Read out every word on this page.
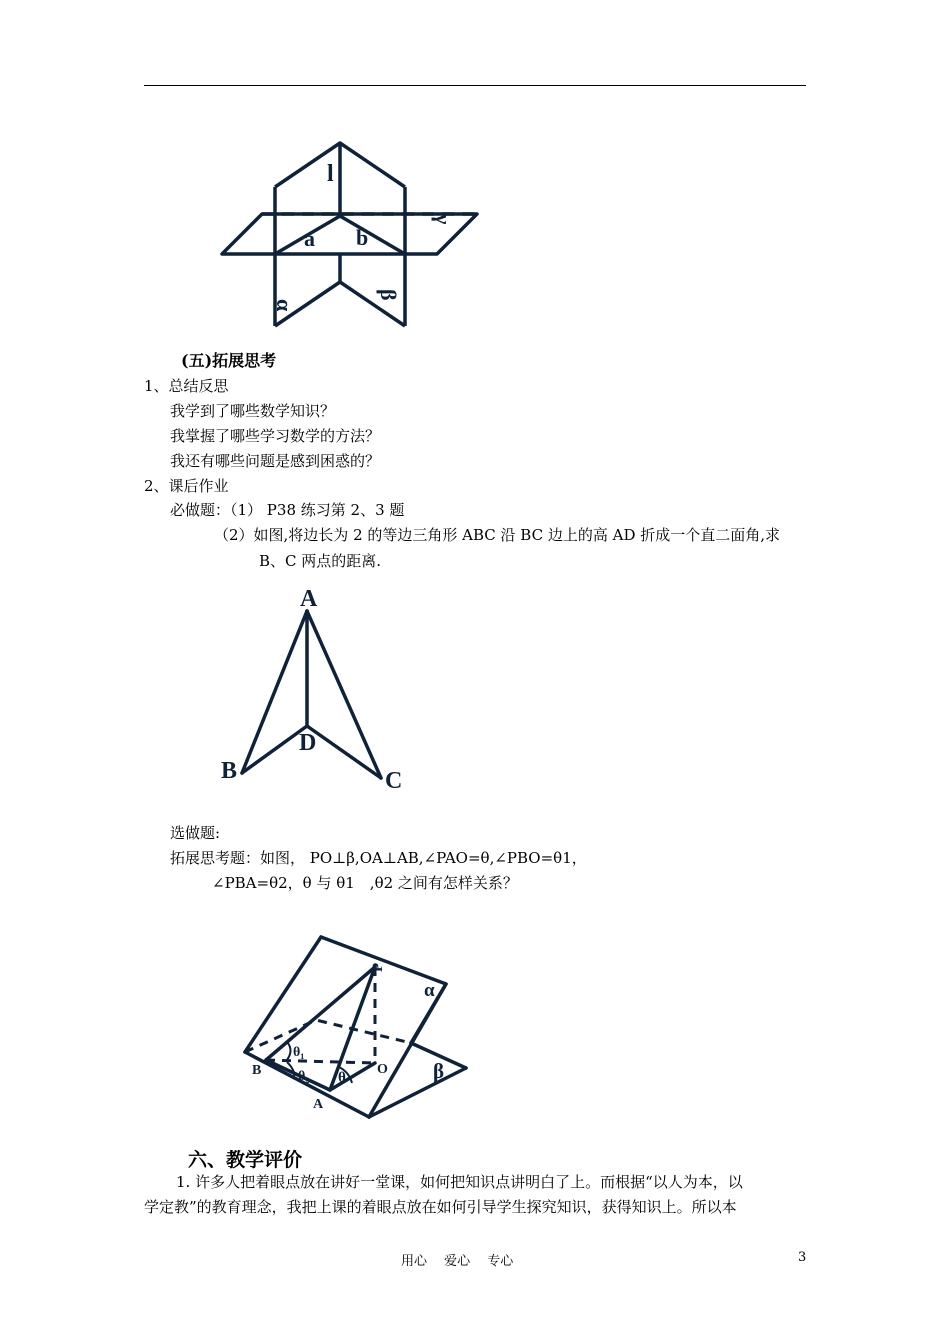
l
a b
γ
α
β
(五)拓展思考
1、总结反思
我学到了哪些数学知识？
我掌握了哪些学习数学的方法？
我还有哪些问题是感到困惑的？
2、课后作业
必做题：（1） P38 练习第 2、3 题
（2）如图,将边长为 2 的等边三角形 ABC 沿 BC 边上的高 AD 折成一个直二面角,求
B、C 两点的距离.
A
B	C
D
选做题:
拓展思考题：如图， PO⊥β,OA⊥AB,∠PAO=θ,∠PBO=θ1，
∠PBA=θ2，θ 与 θ1　,θ2 之间有怎样关系？
P
α
β
θ₁
θ₂ θ
O
B
A
六、教学评价
1. 许多人把着眼点放在讲好一堂课，如何把知识点讲明白了上。而根据“以人为本，以
学定教”的教育理念，我把上课的着眼点放在如何引导学生探究知识，获得知识上。所以本
用心　 爱心　 专心	3
